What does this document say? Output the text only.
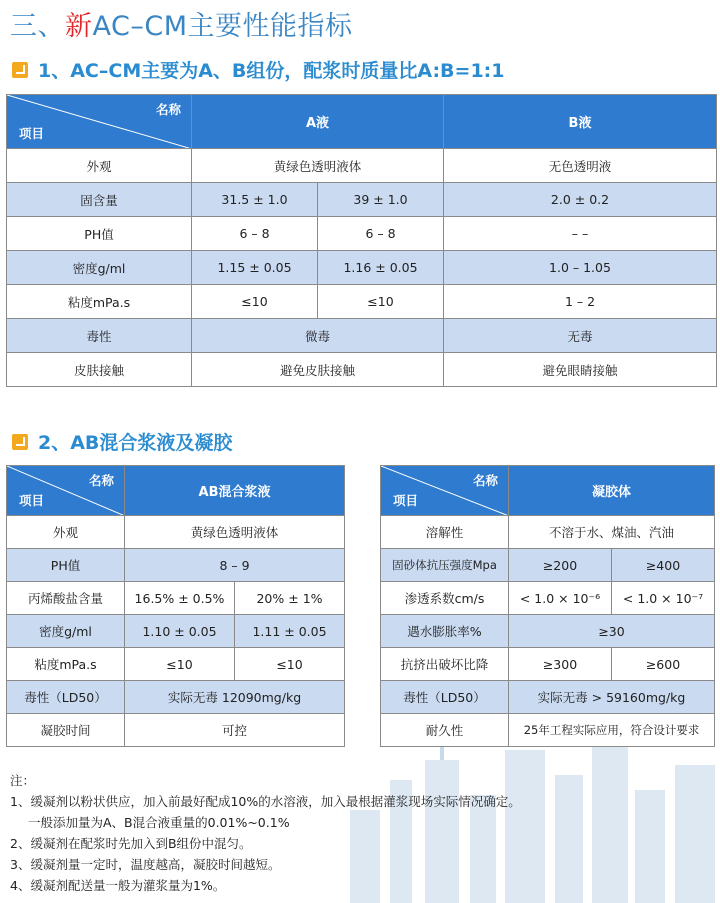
三、新AC–CM主要性能指标
1、AC–CM主要为A、B组份，配浆时质量比A:B=1:1
名称
项目	A液		B液
外观	黄绿色透明液体		无色透明液
固含量	31.5 ± 1.0	39 ± 1.0	2.0 ± 0.2
PH值	6 – 8	6 – 8	– –
密度g/ml	1.15 ± 0.05	1.16 ± 0.05	1.0 – 1.05
粘度mPa.s	≤10	≤10	1 – 2
毒性	微毒		无毒
皮肤接触	避免皮肤接触		避免眼睛接触
2、AB混合浆液及凝胶
名称
项目	AB混合浆液	
外观	黄绿色透明液体	
PH值	8 – 9	
丙烯酸盐含量	16.5% ± 0.5%	20% ± 1%
密度g/ml	1.10 ± 0.05	1.11 ± 0.05
粘度mPa.s	≤10	≤10
毒性（LD50）	实际无毒 12090mg/kg	
凝胶时间	可控	
名称
项目	凝胶体	
溶解性	不溶于水、煤油、汽油	
固砂体抗压强度Mpa	≥200	≥400
渗透系数cm/s	< 1.0 × 10⁻⁶	< 1.0 × 10⁻⁷
遇水膨胀率%	≥30	
抗挤出破坏比降	≥300	≥600
毒性（LD50）	实际无毒 > 59160mg/kg	
耐久性	25年工程实际应用，符合设计要求	
注：
1、缓凝剂以粉状供应，加入前最好配成10%的水溶液，加入最根据灌浆现场实际情况确定。
一般添加量为A、B混合液重量的0.01%~0.1%
2、缓凝剂在配浆时先加入到B组份中混匀。
3、缓凝剂量一定时，温度越高，凝胶时间越短。
4、缓凝剂配送量一般为灌浆量为1%。
